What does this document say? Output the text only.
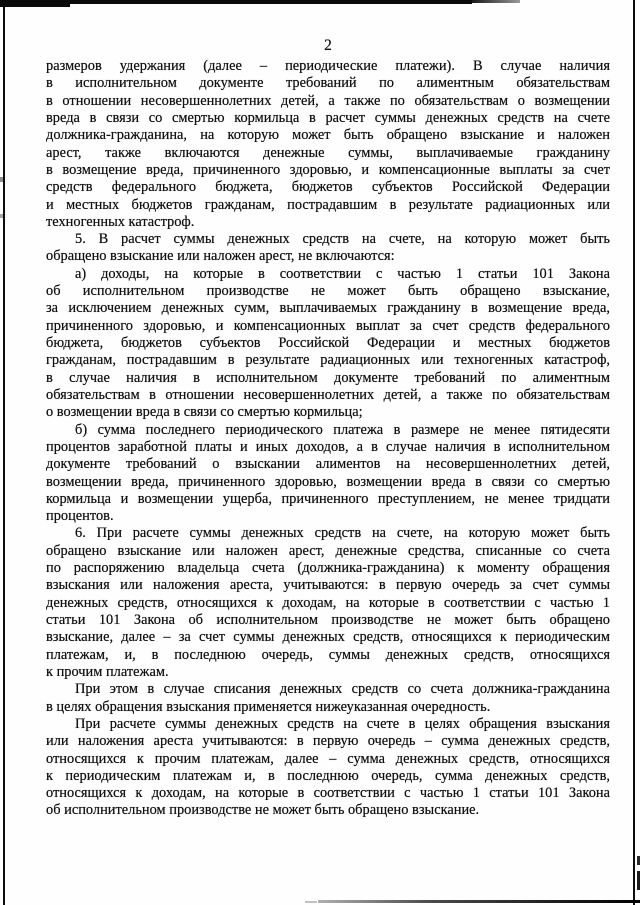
2
размеров удержания (далее – периодические платежи). В случае наличия
в исполнительном документе требований по алиментным обязательствам
в отношении несовершеннолетних детей, а также по обязательствам о возмещении
вреда в связи со смертью кормильца в расчет суммы денежных средств на счете
должника-гражданина, на которую может быть обращено взыскание и наложен
арест, также включаются денежные суммы, выплачиваемые гражданину
в возмещение вреда, причиненного здоровью, и компенсационные выплаты за счет
средств федерального бюджета, бюджетов субъектов Российской Федерации
и местных бюджетов гражданам, пострадавшим в результате радиационных или
техногенных катастроф.
5. В расчет суммы денежных средств на счете, на которую может быть
обращено взыскание или наложен арест, не включаются:
а) доходы, на которые в соответствии с частью 1 статьи 101 Закона
об исполнительном производстве не может быть обращено взыскание,
за исключением денежных сумм, выплачиваемых гражданину в возмещение вреда,
причиненного здоровью, и компенсационных выплат за счет средств федерального
бюджета, бюджетов субъектов Российской Федерации и местных бюджетов
гражданам, пострадавшим в результате радиационных или техногенных катастроф,
в случае наличия в исполнительном документе требований по алиментным
обязательствам в отношении несовершеннолетних детей, а также по обязательствам
о возмещении вреда в связи со смертью кормильца;
б) сумма последнего периодического платежа в размере не менее пятидесяти
процентов заработной платы и иных доходов, а в случае наличия в исполнительном
документе требований о взыскании алиментов на несовершеннолетних детей,
возмещении вреда, причиненного здоровью, возмещении вреда в связи со смертью
кормильца и возмещении ущерба, причиненного преступлением, не менее тридцати
процентов.
6. При расчете суммы денежных средств на счете, на которую может быть
обращено взыскание или наложен арест, денежные средства, списанные со счета
по распоряжению владельца счета (должника-гражданина) к моменту обращения
взыскания или наложения ареста, учитываются: в первую очередь за счет суммы
денежных средств, относящихся к доходам, на которые в соответствии с частью 1
статьи 101 Закона об исполнительном производстве не может быть обращено
взыскание, далее – за счет суммы денежных средств, относящихся к периодическим
платежам, и, в последнюю очередь, суммы денежных средств, относящихся
к прочим платежам.
При этом в случае списания денежных средств со счета должника-гражданина
в целях обращения взыскания применяется нижеуказанная очередность.
При расчете суммы денежных средств на счете в целях обращения взыскания
или наложения ареста учитываются: в первую очередь – сумма денежных средств,
относящихся к прочим платежам, далее – сумма денежных средств, относящихся
к периодическим платежам и, в последнюю очередь, сумма денежных средств,
относящихся к доходам, на которые в соответствии с частью 1 статьи 101 Закона
об исполнительном производстве не может быть обращено взыскание.
